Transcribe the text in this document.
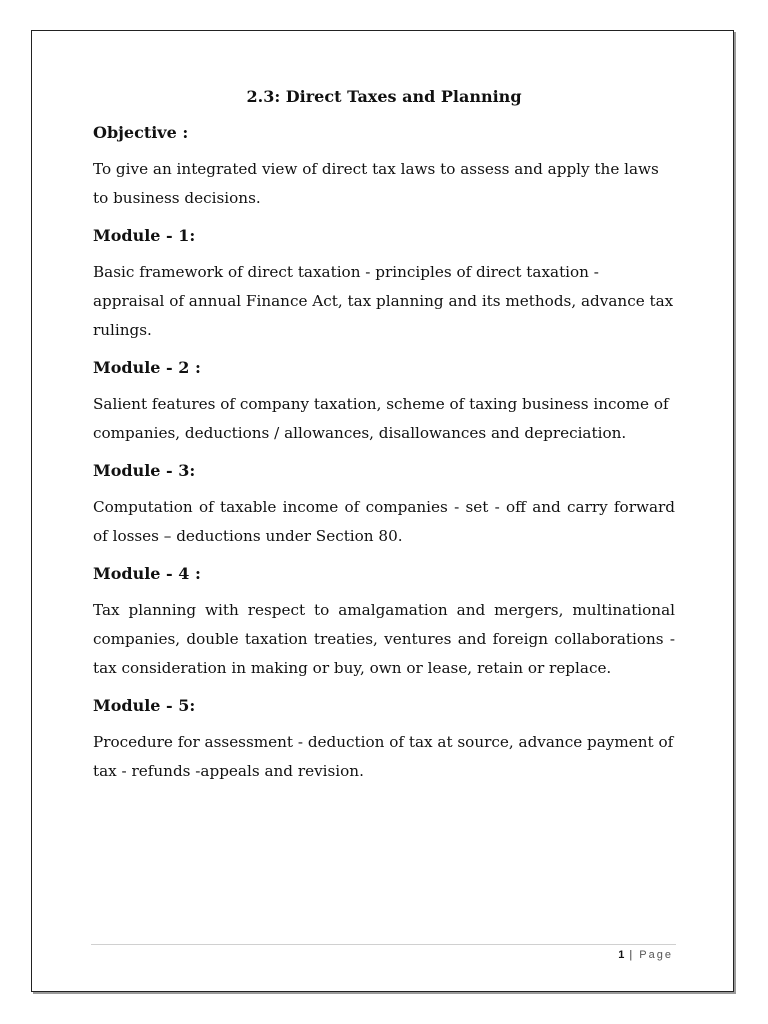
2.3: Direct Taxes and Planning
Objective :
To give an integrated view of direct tax laws to assess and apply the laws to business decisions.
Module - 1:
Basic framework of direct taxation - principles of direct taxation - appraisal of annual Finance Act, tax planning and its methods, advance tax rulings.
Module - 2 :
Salient features of company taxation, scheme of taxing business income of companies, deductions / allowances, disallowances and depreciation.
Module - 3:
Computation of taxable income of companies - set - off and carry forward of losses – deductions under Section 80.
Module - 4 :
Tax planning with respect to amalgamation and mergers, multinational companies, double taxation treaties, ventures and foreign collaborations - tax consideration in making or buy, own or lease, retain or replace.
Module - 5:
Procedure for assessment - deduction of tax at source, advance payment of tax - refunds -appeals and revision.
1 | Page
